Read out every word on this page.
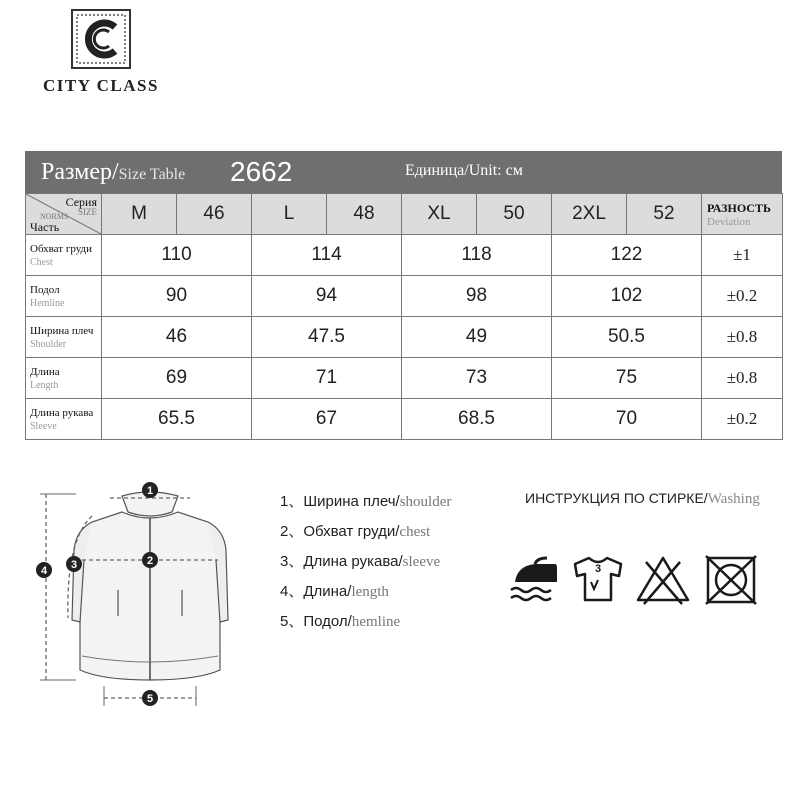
CITY CLASS
Размер/Size Table 2662	Единица/Unit: см
Серия
SIZE
NORMS
Часть	M	46	L	48	XL	50	2XL	52	РАЗНОСТЬ
Deviation

Обхват груди
Chest	110		114		118		122		±1

Подол
Hemline	90		94		98		102		±0.2

Ширина плеч
Shoulder	46		47.5		49		50.5		±0.8

Длина
Length	69		71		73		75		±0.8

Длина рукава
Sleeve	65.5		67		68.5		70		±0.2
1
2
3
4
5
1、Ширина плеч/shoulder
2、Обхват груди/chest
3、Длина рукава/sleeve
4、Длина/length
5、Подол/hemline
ИНСТРУКЦИЯ ПО СТИРКЕ/Washing
3
